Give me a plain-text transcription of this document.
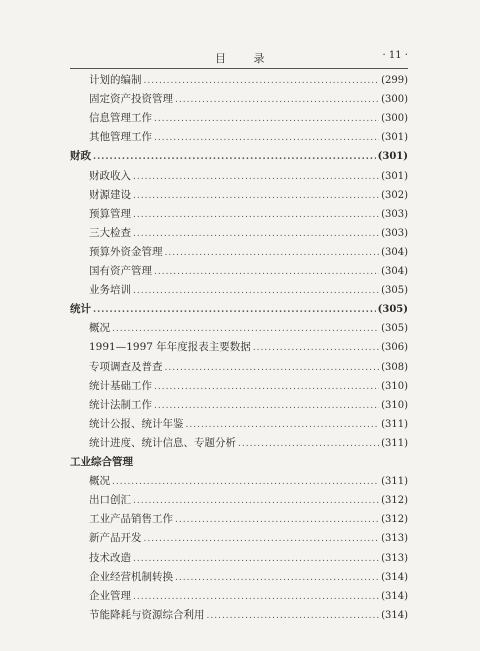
目 录	· 11 ·
计划的编制 .....	(299)
固定资产投资管理 .....	(300)
信息管理工作 .....	(300)
其他管理工作 .....	(301)
财政 .....	(301)
财政收入 .....	(301)
财源建设 .....	(302)
预算管理 .....	(303)
三大检查 .....	(303)
预算外资金管理 .....	(304)
国有资产管理 .....	(304)
业务培训 .....	(305)
统计 .....	(305)
概况 .....	(305)
1991—1997 年年度报表主要数据 .....	(306)
专项调查及普查 .....	(308)
统计基础工作 .....	(310)
统计法制工作 .....	(310)
统计公报、统计年鉴 .....	(311)
统计进度、统计信息、专题分析 .....	(311)
工业综合管理
概况 .....	(311)
出口创汇 .....	(312)
工业产品销售工作 .....	(312)
新产品开发 .....	(313)
技术改造 .....	(313)
企业经营机制转换 .....	(314)
企业管理 .....	(314)
节能降耗与资源综合利用 .....	(314)
